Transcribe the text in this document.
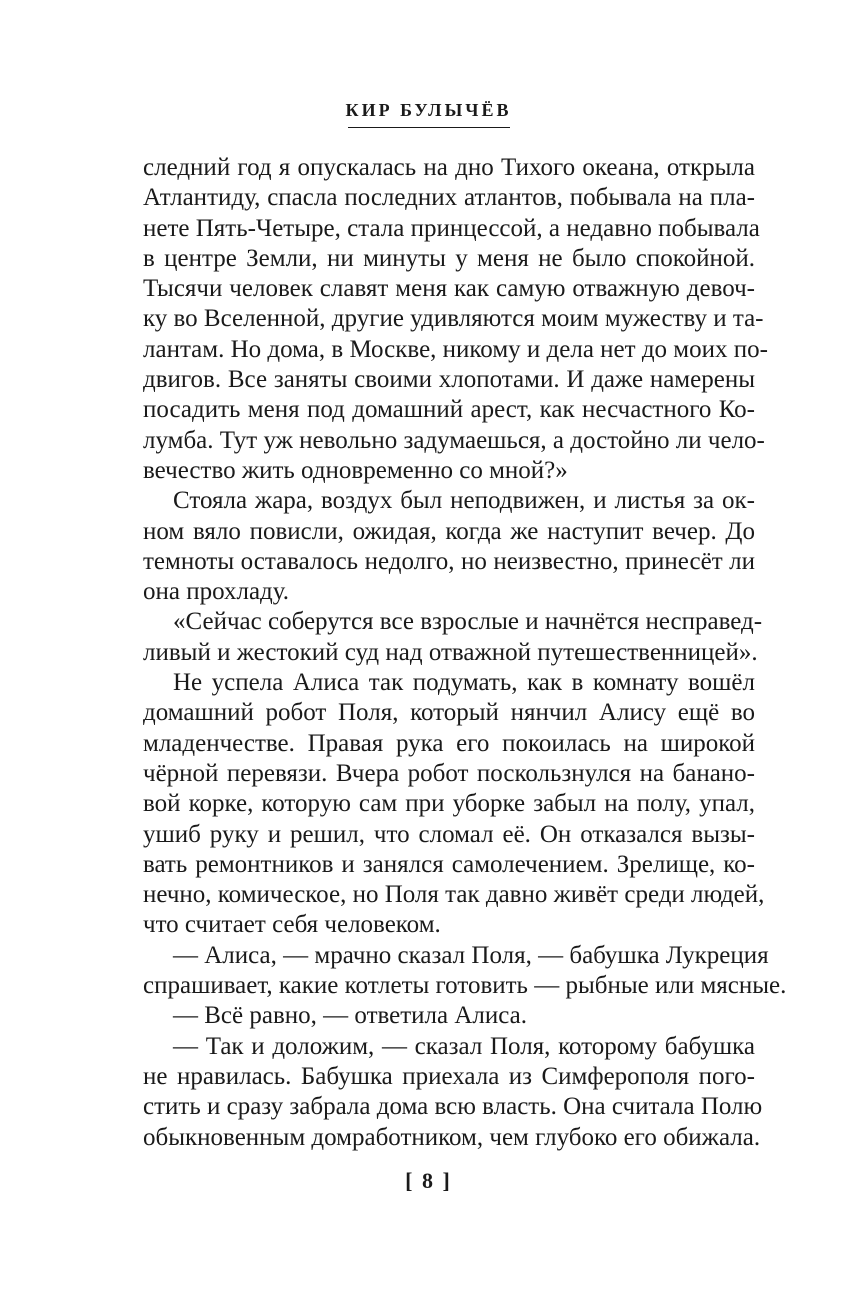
КИР БУЛЫЧЁВ
следний год я опускалась на дно Тихого океана, открыла
Атлантиду, спасла последних атлантов, побывала на пла-
нете Пять-Четыре, стала принцессой, а недавно побывала
в центре Земли, ни минуты у меня не было спокойной.
Тысячи человек славят меня как самую отважную девоч-
ку во Вселенной, другие удивляются моим мужеству и та-
лантам. Но дома, в Москве, никому и дела нет до моих по-
двигов. Все заняты своими хлопотами. И даже намерены
посадить меня под домашний арест, как несчастного Ко-
лумба. Тут уж невольно задумаешься, а достойно ли чело-
вечество жить одновременно со мной?»
Стояла жара, воздух был неподвижен, и листья за ок-
ном вяло повисли, ожидая, когда же наступит вечер. До
темноты оставалось недолго, но неизвестно, принесёт ли
она прохладу.
«Сейчас соберутся все взрослые и начнётся несправед-
ливый и жестокий суд над отважной путешественницей».
Не успела Алиса так подумать, как в комнату вошёл
домашний робот Поля, который нянчил Алису ещё во
младенчестве. Правая рука его покоилась на широкой
чёрной перевязи. Вчера робот поскользнулся на бананo-
вой корке, которую сам при уборке забыл на полу, упал,
ушиб руку и решил, что сломал её. Он отказался вызы-
вать ремонтников и занялся самолечением. Зрелище, ко-
нечно, комическое, но Поля так давно живёт среди людей,
что считает себя человеком.
— Алиса, — мрачно сказал Поля, — бабушка Лукреция
спрашивает, какие котлеты готовить — рыбные или мясные.
— Всё равно, — ответила Алиса.
— Так и доложим, — сказал Поля, которому бабушка
не нравилась. Бабушка приехала из Симферополя пого-
стить и сразу забрала дома всю власть. Она считала Полю
обыкновенным домработником, чем глубоко его обижала.
[ 8 ]
